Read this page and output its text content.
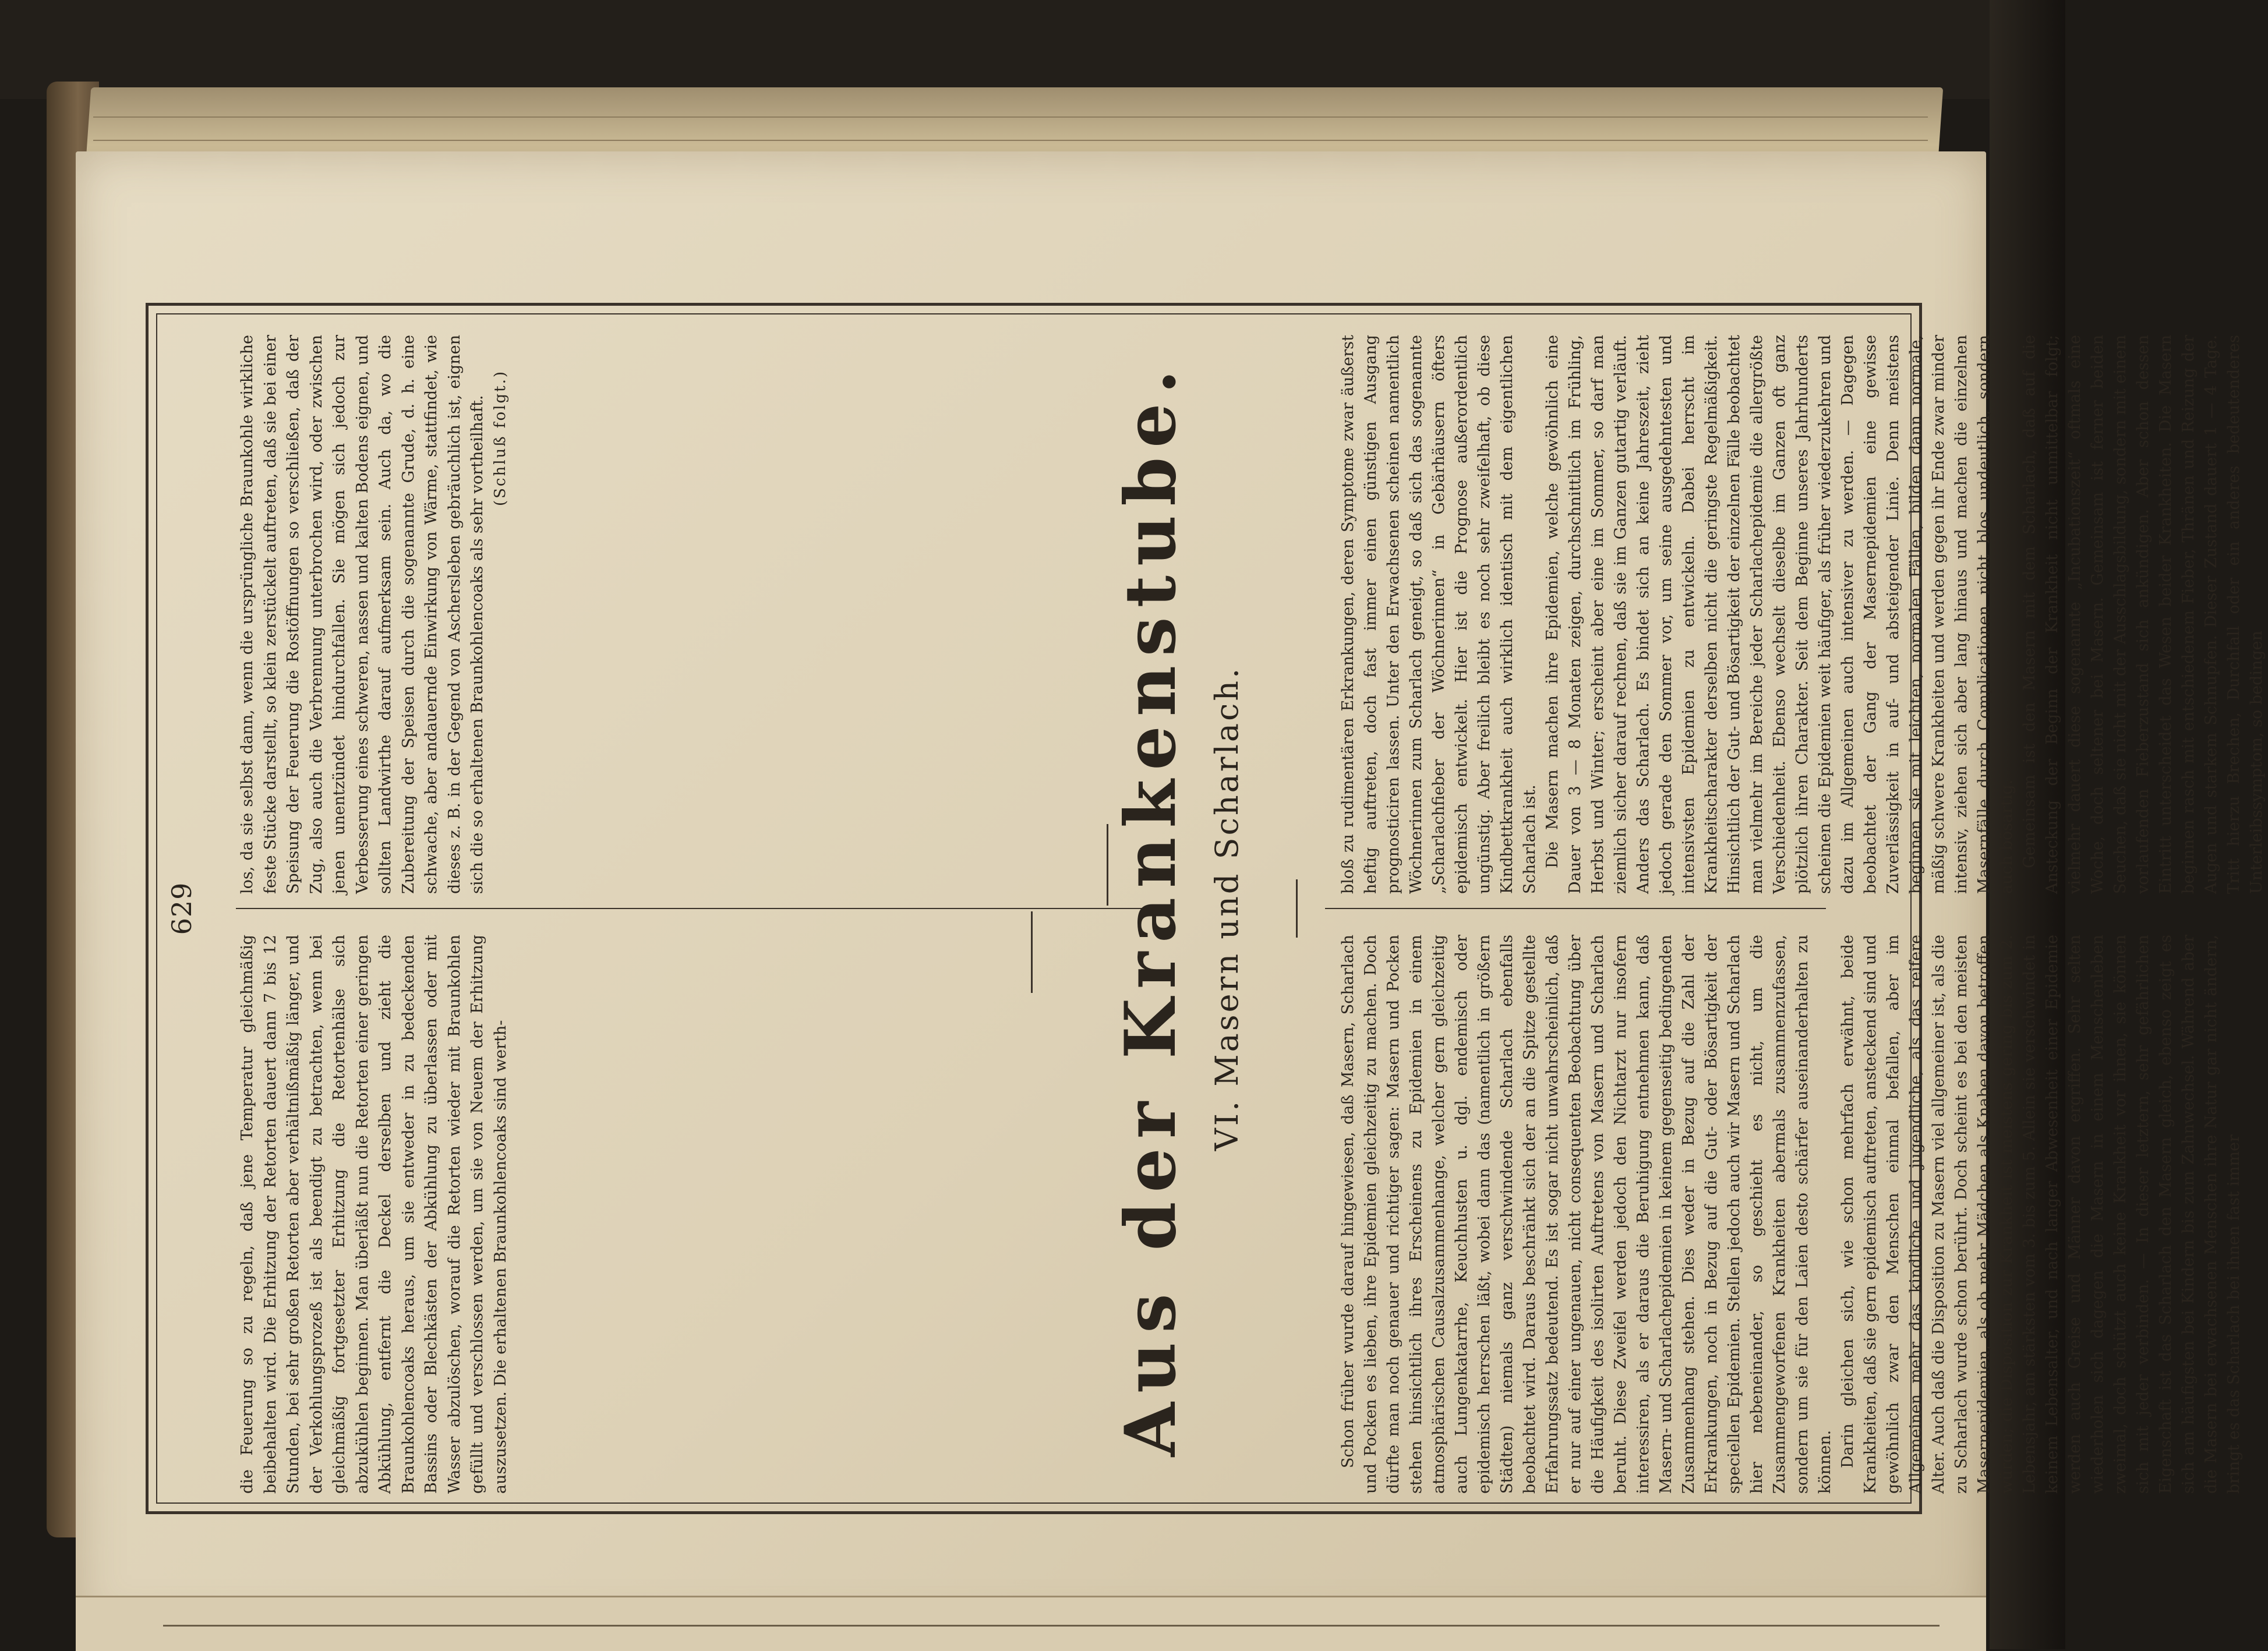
629

die Feuerung so zu regeln, daß jene Temperatur gleichmäßig beibehalten wird. Die Erhitzung der Retorten dauert dann 7 bis 12 Stunden, bei sehr großen Retorten aber verhältnißmäßig länger, und der Verkohlungsprozeß ist als beendigt zu betrachten, wenn bei gleichmäßig fortgesetzter Erhitzung die Retortenhälse sich abzukühlen beginnen. Man überläßt nun die Retorten einer geringen Abkühlung, entfernt die Deckel derselben und zieht die Braunkohlencoaks heraus, um sie entweder in zu bedeckenden Bassins oder Blechkästen der Abkühlung zu überlassen oder mit Wasser abzulöschen, worauf die Retorten wieder mit Braunkohlen gefüllt und verschlossen werden, um sie von Neuem der Erhitzung auszusetzen. Die erhaltenen Braunkohlencoaks sind werth-

los, da sie selbst dann, wenn die ursprüngliche Braunkohle wirkliche feste Stücke darstellt, so klein zerstückelt auftreten, daß sie bei einer Speisung der Feuerung die Rostöffnungen so verschließen, daß der Zug, also auch die Verbrennung unterbrochen wird, oder zwischen jenen unentzündet hindurchfallen. Sie mögen sich jedoch zur Verbesserung eines schweren, nassen und kalten Bodens eignen, und sollten Landwirthe darauf aufmerksam sein. Auch da, wo die Zubereitung der Speisen durch die sogenannte Grude, d. h. eine schwache, aber andauernde Einwirkung von Wärme, stattfindet, wie dieses z. B. in der Gegend von Aschersleben gebräuchlich ist, eignen sich die so erhaltenen Braunkohlencoaks als sehr vortheilhaft. (Schluß folgt.)	Aus der Krankenstube. VI. Masern und Scharlach.

Schon früher wurde darauf hingewiesen, daß Masern, Scharlach und Pocken es lieben, ihre Epidemien gleichzeitig zu machen. Doch dürfte man noch genauer und richtiger sagen: Masern und Pocken stehen hinsichtlich ihres Erscheinens zu Epidemien in einem atmosphärischen Causalzusammenhange, welcher gern gleichzeitig auch Lungenkatarrhe, Keuchhusten u. dgl. endemisch oder epidemisch herrschen läßt, wobei dann das (namentlich in größern Städten) niemals ganz verschwindende Scharlach ebenfalls beobachtet wird. Daraus beschränkt sich der an die Spitze gestellte Erfahrungssatz bedeutend. Es ist sogar nicht unwahrscheinlich, daß er nur auf einer ungenauen, nicht consequenten Beobachtung über die Häufigkeit des isolirten Auftretens von Masern und Scharlach beruht. Diese Zweifel werden jedoch den Nichtarzt nur insofern interessiren, als er daraus die Beruhigung entnehmen kann, daß Masern- und Scharlachepidemien in keinem gegenseitig bedingenden Zusammenhang stehen. Dies weder in Bezug auf die Zahl der Erkrankungen, noch in Bezug auf die Gut- oder Bösartigkeit der speciellen Epidemien. Stellen jedoch auch wir Masern und Scharlach hier nebeneinander, so geschieht es nicht, um die Zusammengeworfenen Krankheiten abermals zusammenzufassen, sondern um sie für den Laien desto schärfer auseinanderhalten zu können. Darin gleichen sich, wie schon mehrfach erwähnt, beide Krankheiten, daß sie gern epidemisch auftreten, ansteckend sind und gewöhnlich zwar den Menschen einmal befallen, aber im Allgemeinen mehr das kindliche und jugendliche, als das reifere Alter. Auch daß die Disposition zu Masern viel allgemeiner ist, als die zu Scharlach wurde schon berührt. Doch scheint es bei den meisten Masernepidemien, als ob mehr Mädchen als Knaben davon betroffen würden; die Disposition zur Krankheit ist meistens gering bis zum 2. Lebensjahr, am stärksten vom 3. bis zum 5. Allein sie verschwindet in keinem Lebensalter, und nach langer Abwesenheit einer Epidemie werden auch Greise und Männer davon ergriffen. Sehr selten wiederholen sich dagegen die Masern in einem Menschenleben zweimal, doch schützt auch keine Krankheit vor ihnen, sie können sich mit jeder verbinden. — In dieser letztern, sehr gefährlichen Eigenschaft ist das Scharlach den Masern gleich, ebenso zeigt es sich am häufigsten bei Kindern bis zum Zahnwechsel. Während aber die Masern bei erwachsenen Menschen ihre Natur gar nicht ändern, bringt es das Scharlach bei ihnen fast immer

bloß zu rudimentären Erkrankungen, deren Symptome zwar äußerst heftig auftreten, doch fast immer einen günstigen Ausgang prognosticiren lassen. Unter den Erwachsenen scheinen namentlich Wöchnerinnen zum Scharlach geneigt, so daß sich das sogenannte „Scharlachfieber der Wöchnerinnen“ in Gebärhäusern öfters epidemisch entwickelt. Hier ist die Prognose außerordentlich ungünstig. Aber freilich bleibt es noch sehr zweifelhaft, ob diese Kindbettkrankheit auch wirklich identisch mit dem eigentlichen Scharlach ist. Die Masern machen ihre Epidemien, welche gewöhnlich eine Dauer von 3 — 8 Monaten zeigen, durchschnittlich im Frühling, Herbst und Winter; erscheint aber eine im Sommer, so darf man ziemlich sicher darauf rechnen, daß sie im Ganzen gutartig verläuft. Anders das Scharlach. Es bindet sich an keine Jahreszeit, zieht jedoch gerade den Sommer vor, um seine ausgedehntesten und intensivsten Epidemien zu entwickeln. Dabei herrscht im Krankheitscharakter derselben nicht die geringste Regelmäßigkeit. Hinsichtlich der Gut- und Bösartigkeit der einzelnen Fälle beobachtet man vielmehr im Bereiche jeder Scharlachepidemie die allergrößte Verschiedenheit. Ebenso wechselt dieselbe im Ganzen oft ganz plötzlich ihren Charakter. Seit dem Beginne unseres Jahrhunderts scheinen die Epidemien weit häufiger, als früher wiederzukehren und dazu im Allgemeinen auch intensiver zu werden. — Dagegen beobachtet der Gang der Masernepidemien eine gewisse Zuverlässigkeit in auf- und absteigender Linie. Denn meistens beginnen sie mit leichten, normalen Fällen, bilden dann normale, mäßig schwere Krankheiten und werden gegen ihr Ende zwar minder intensiv, ziehen sich aber lang hinaus und machen die einzelnen Masernfälle durch Complicationen nicht blos undeutlich, sondern auch bösartig. Gemeinsam ist den Masern mit dem Scharlach, daß auf die Ansteckung der Beginn der Krankheit nicht unmittelbar folgt; vielmehr dauert diese sogenannte „Incubationszeit“ oftmals eine Woche, doch seltener bei Masern. Gemeinsam ist ferner beiden Seuchen, daß sie nicht mit der Ausschlagsbildung, sondern mit einem vorlaufenden Fieberzustand sich ankündigen. Aber schon dessen Eintritt unterscheidet das Wesen beider Krankheiten. Die Masern beginnen rasch mit entschiedenem Fieber, Thränen und Reizung der Augen und starkem Schnupfen. Dieser Zustand dauert 1 — 4 Tage. Tritt hierzu Brechen, Durchfall oder ein anderes bedeutenderes Unterleibssymptom, so bedingen
